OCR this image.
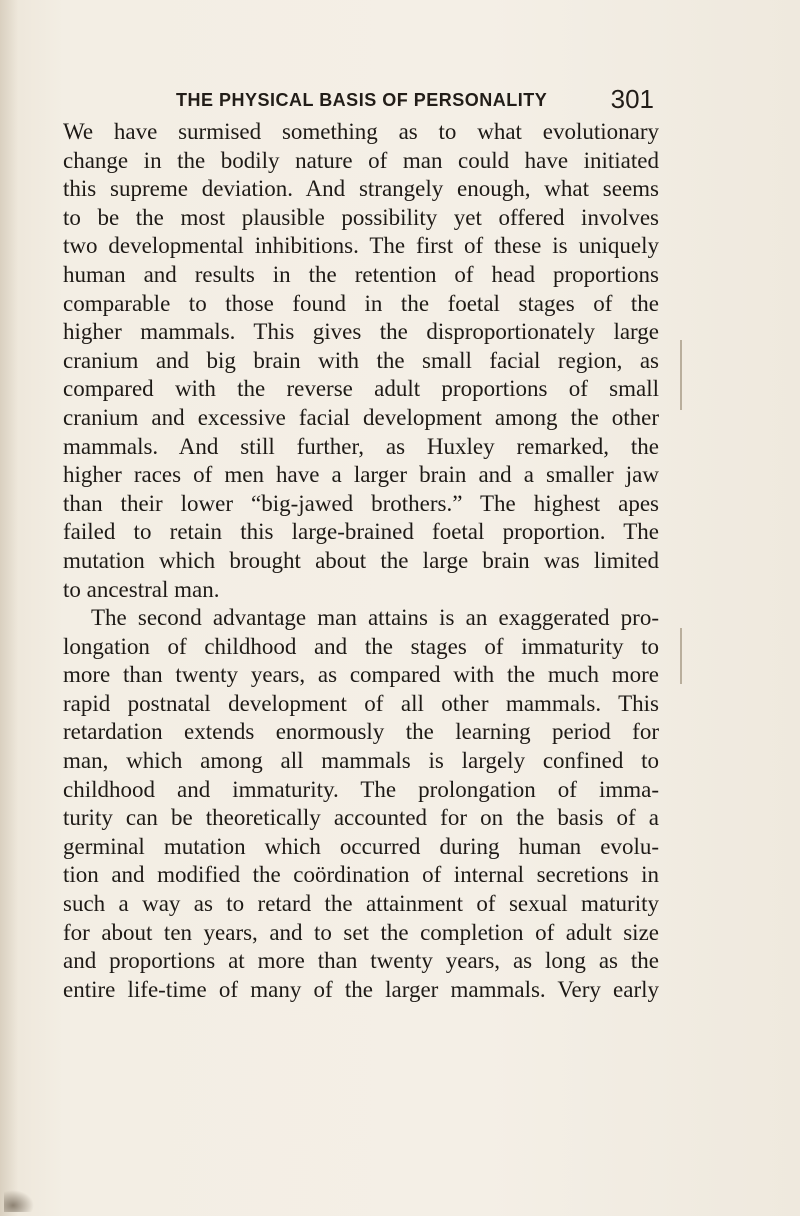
THE PHYSICAL BASIS OF PERSONALITY 301
We have surmised something as to what evolutionary
change in the bodily nature of man could have initiated
this supreme deviation. And strangely enough, what seems
to be the most plausible possibility yet offered involves
two developmental inhibitions. The first of these is uniquely
human and results in the retention of head proportions
comparable to those found in the foetal stages of the
higher mammals. This gives the disproportionately large
cranium and big brain with the small facial region, as
compared with the reverse adult proportions of small
cranium and excessive facial development among the other
mammals. And still further, as Huxley remarked, the
higher races of men have a larger brain and a smaller jaw
than their lower “big-jawed brothers.” The highest apes
failed to retain this large-brained foetal proportion. The
mutation which brought about the large brain was limited
to ancestral man.
The second advantage man attains is an exaggerated pro-
longation of childhood and the stages of immaturity to
more than twenty years, as compared with the much more
rapid postnatal development of all other mammals. This
retardation extends enormously the learning period for
man, which among all mammals is largely confined to
childhood and immaturity. The prolongation of imma-
turity can be theoretically accounted for on the basis of a
germinal mutation which occurred during human evolu-
tion and modified the coördination of internal secretions in
such a way as to retard the attainment of sexual maturity
for about ten years, and to set the completion of adult size
and proportions at more than twenty years, as long as the
entire life-time of many of the larger mammals. Very early
